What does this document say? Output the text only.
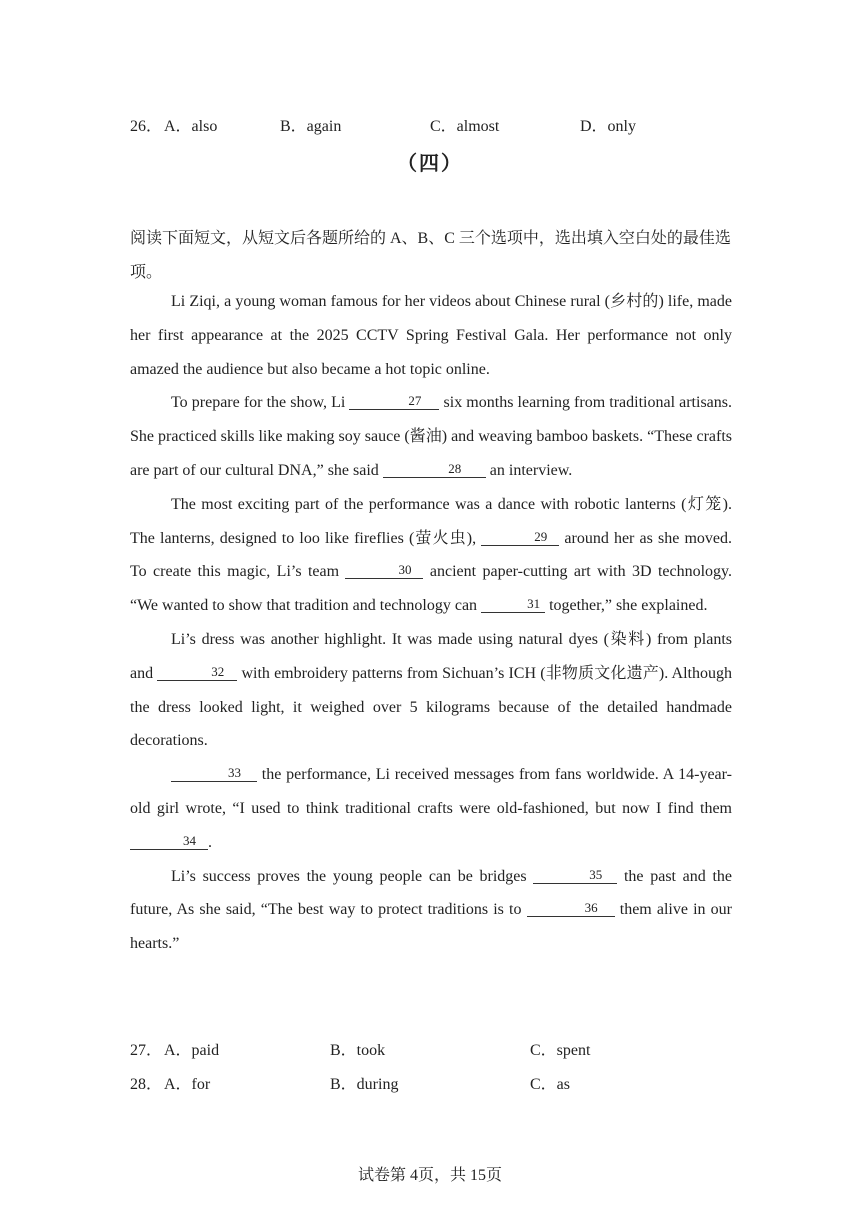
26． A．also	B．again	C．almost	D．only
（四）
阅读下面短文，从短文后各题所给的 A、B、C 三个选项中，选出填入空白处的最佳选项。

Li Ziqi, a young woman famous for her videos about Chinese rural (乡村的) life, made her first appearance at the 2025 CCTV Spring Festival Gala. Her performance not only amazed the audience but also became a hot topic online.

To prepare for the show, Li	27 six months learning from traditional artisans. She practiced skills like making soy sauce (酱油) and weaving bamboo baskets. “These crafts are part of our cultural DNA,” she said	28 an interview.

The most exciting part of the performance was a dance with robotic lanterns (灯笼). The lanterns, designed to loo like fireflies (萤火虫),	29 around her as she moved. To create this magic, Li’s team	30 ancient paper-cutting art with 3D technology. “We wanted to show that tradition and technology can	31 together,” she explained.

Li’s dress was another highlight. It was made using natural dyes (染料) from plants and	32 with embroidery patterns from Sichuan’s ICH (非物质文化遗产). Although the dress looked light, it weighed over 5 kilograms because of the detailed handmade decorations.

33 the performance, Li received messages from fans worldwide. A 14-year-old girl wrote, “I used to think traditional crafts were old-fashioned, but now I find them 34 .

Li’s success proves the young people can be bridges	35 the past and the future, As she said, “The best way to protect traditions is to	36 them alive in our hearts.”

27． A．paid	B．took	C．spent
28． A．for	B．during	C．as
试卷第 4页，共 15页
